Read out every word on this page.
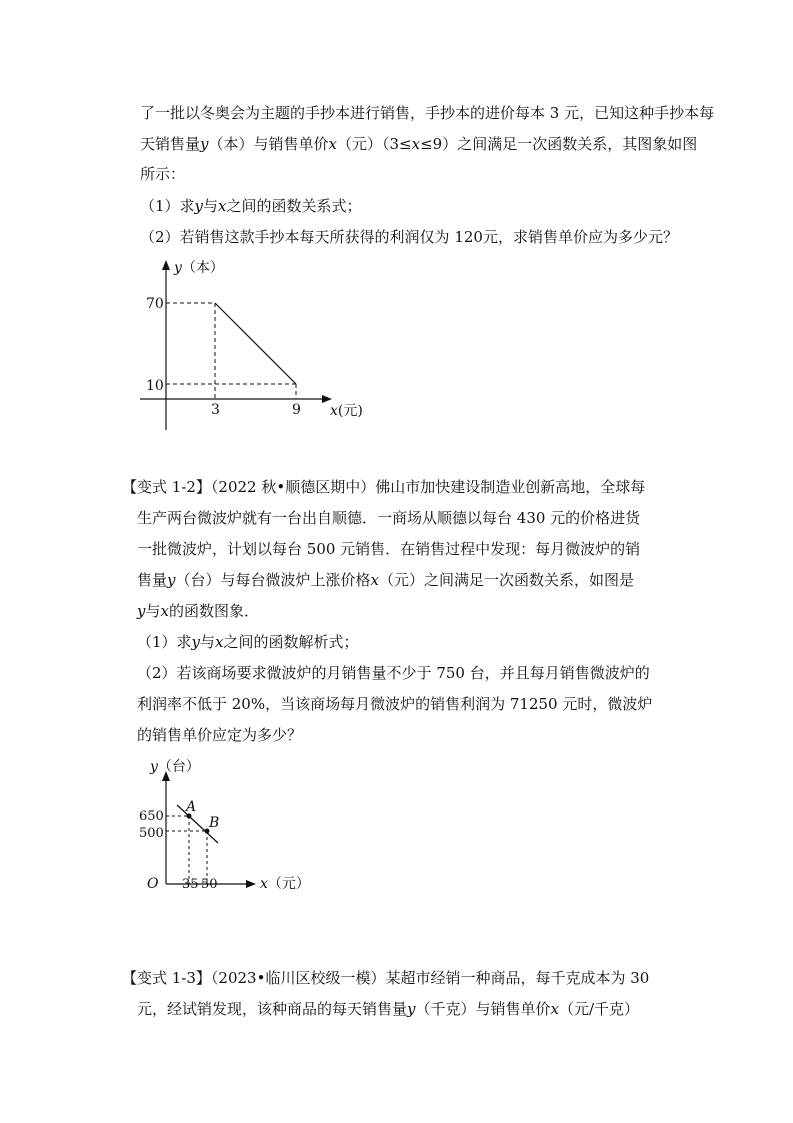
了一批以冬奥会为主题的手抄本进行销售，手抄本的进价每本 3 元，已知这种手抄本每
天销售量y（本）与销售单价x（元）（3≤x≤9）之间满足一次函数关系，其图象如图
所示：
（1）求y与x之间的函数关系式；
（2）若销售这款手抄本每天所获得的利润仅为 120元，求销售单价应为多少元？
y（本）
70
10
3	9 x(元)
【变式 1-2】（2022 秋•顺德区期中）佛山市加快建设制造业创新高地，全球每
生产两台微波炉就有一台出自顺德．一商场从顺德以每台 430 元的价格进货
一批微波炉，计划以每台 500 元销售．在销售过程中发现：每月微波炉的销
售量y（台）与每台微波炉上涨价格x（元）之间满足一次函数关系，如图是
y与x的函数图象．
（1）求y与x之间的函数解析式；
（2）若该商场要求微波炉的月销售量不少于 750 台，并且每月销售微波炉的
利润率不低于 20%，当该商场每月微波炉的销售利润为 71250 元时，微波炉
的销售单价应定为多少？
A
B
y（台）
650
500
O 35 50	x（元）
【变式 1-3】（2023•临川区校级一模）某超市经销一种商品，每千克成本为 30
元，经试销发现，该种商品的每天销售量y（千克）与销售单价x（元/千克）
